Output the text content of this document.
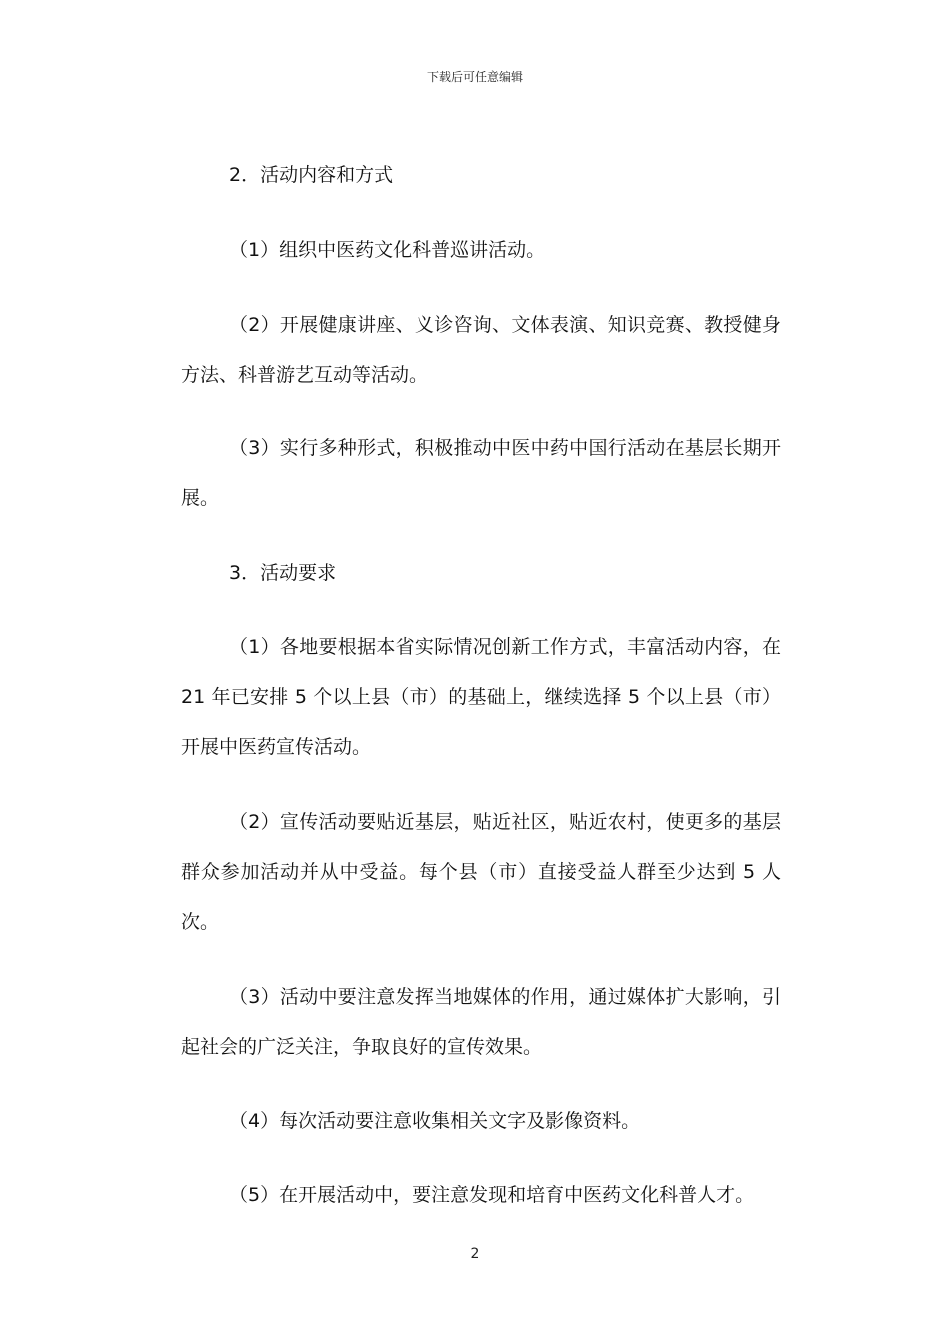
下载后可任意编辑

2．活动内容和方式

（1）组织中医药文化科普巡讲活动。

（2）开展健康讲座、义诊咨询、文体表演、知识竞赛、教授健身方法、科普游艺互动等活动。

（3）实行多种形式，积极推动中医中药中国行活动在基层长期开展。

3．活动要求

（1）各地要根据本省实际情况创新工作方式，丰富活动内容，在21 年已安排 5 个以上县（市）的基础上，继续选择 5 个以上县（市）开展中医药宣传活动。

（2）宣传活动要贴近基层，贴近社区，贴近农村，使更多的基层群众参加活动并从中受益。每个县（市）直接受益人群至少达到 5 人次。

（3）活动中要注意发挥当地媒体的作用，通过媒体扩大影响，引起社会的广泛关注，争取良好的宣传效果。

（4）每次活动要注意收集相关文字及影像资料。

（5）在开展活动中，要注意发现和培育中医药文化科普人才。

2
